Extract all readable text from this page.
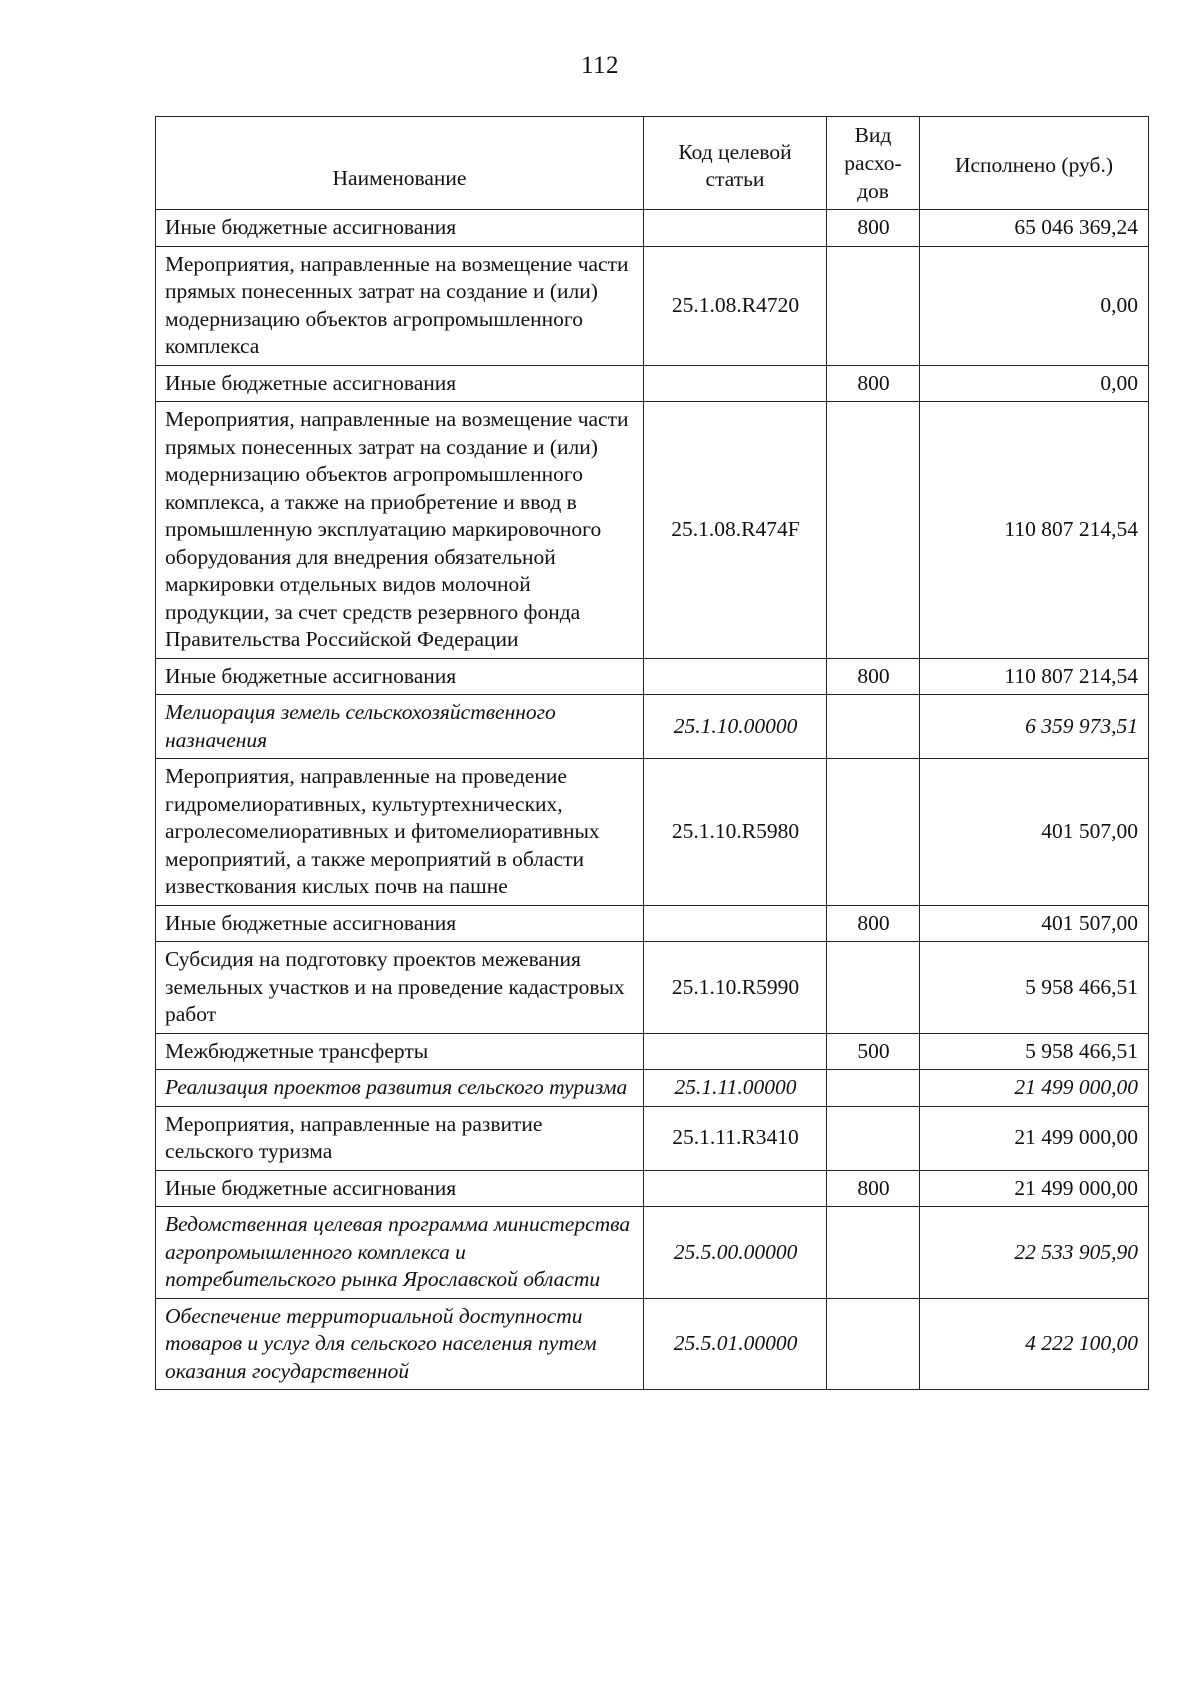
112
Наименование	Код целевой статьи	Вид расхо-дов	Исполнено (руб.)
Иные бюджетные ассигнования		800	65 046 369,24
Мероприятия, направленные на возмещение части прямых понесенных затрат на создание и (или) модернизацию объектов агропромышленного комплекса	25.1.08.R4720		0,00
Иные бюджетные ассигнования		800	0,00
Мероприятия, направленные на возмещение части прямых понесенных затрат на создание и (или) модернизацию объектов агропромышленного комплекса, а также на приобретение и ввод в промышленную эксплуатацию маркировочного оборудования для внедрения обязательной маркировки отдельных видов молочной продукции, за счет средств резервного фонда Правительства Российской Федерации	25.1.08.R474F		110 807 214,54
Иные бюджетные ассигнования		800	110 807 214,54
Мелиорация земель сельскохозяйственного назначения	25.1.10.00000		6 359 973,51
Мероприятия, направленные на проведение гидромелиоративных, культуртехнических, агролесомелиоративных и фитомелиоративных мероприятий, а также мероприятий в области известкования кислых почв на пашне	25.1.10.R5980		401 507,00
Иные бюджетные ассигнования		800	401 507,00
Субсидия на подготовку проектов межевания земельных участков и на проведение кадастровых работ	25.1.10.R5990		5 958 466,51
Межбюджетные трансферты		500	5 958 466,51
Реализация проектов развития сельского туризма	25.1.11.00000		21 499 000,00
Мероприятия, направленные на развитие сельского туризма	25.1.11.R3410		21 499 000,00
Иные бюджетные ассигнования		800	21 499 000,00
Ведомственная целевая программа министерства агропромышленного комплекса и потребительского рынка Ярославской области	25.5.00.00000		22 533 905,90
Обеспечение территориальной доступности товаров и услуг для сельского населения путем оказания государственной	25.5.01.00000		4 222 100,00
